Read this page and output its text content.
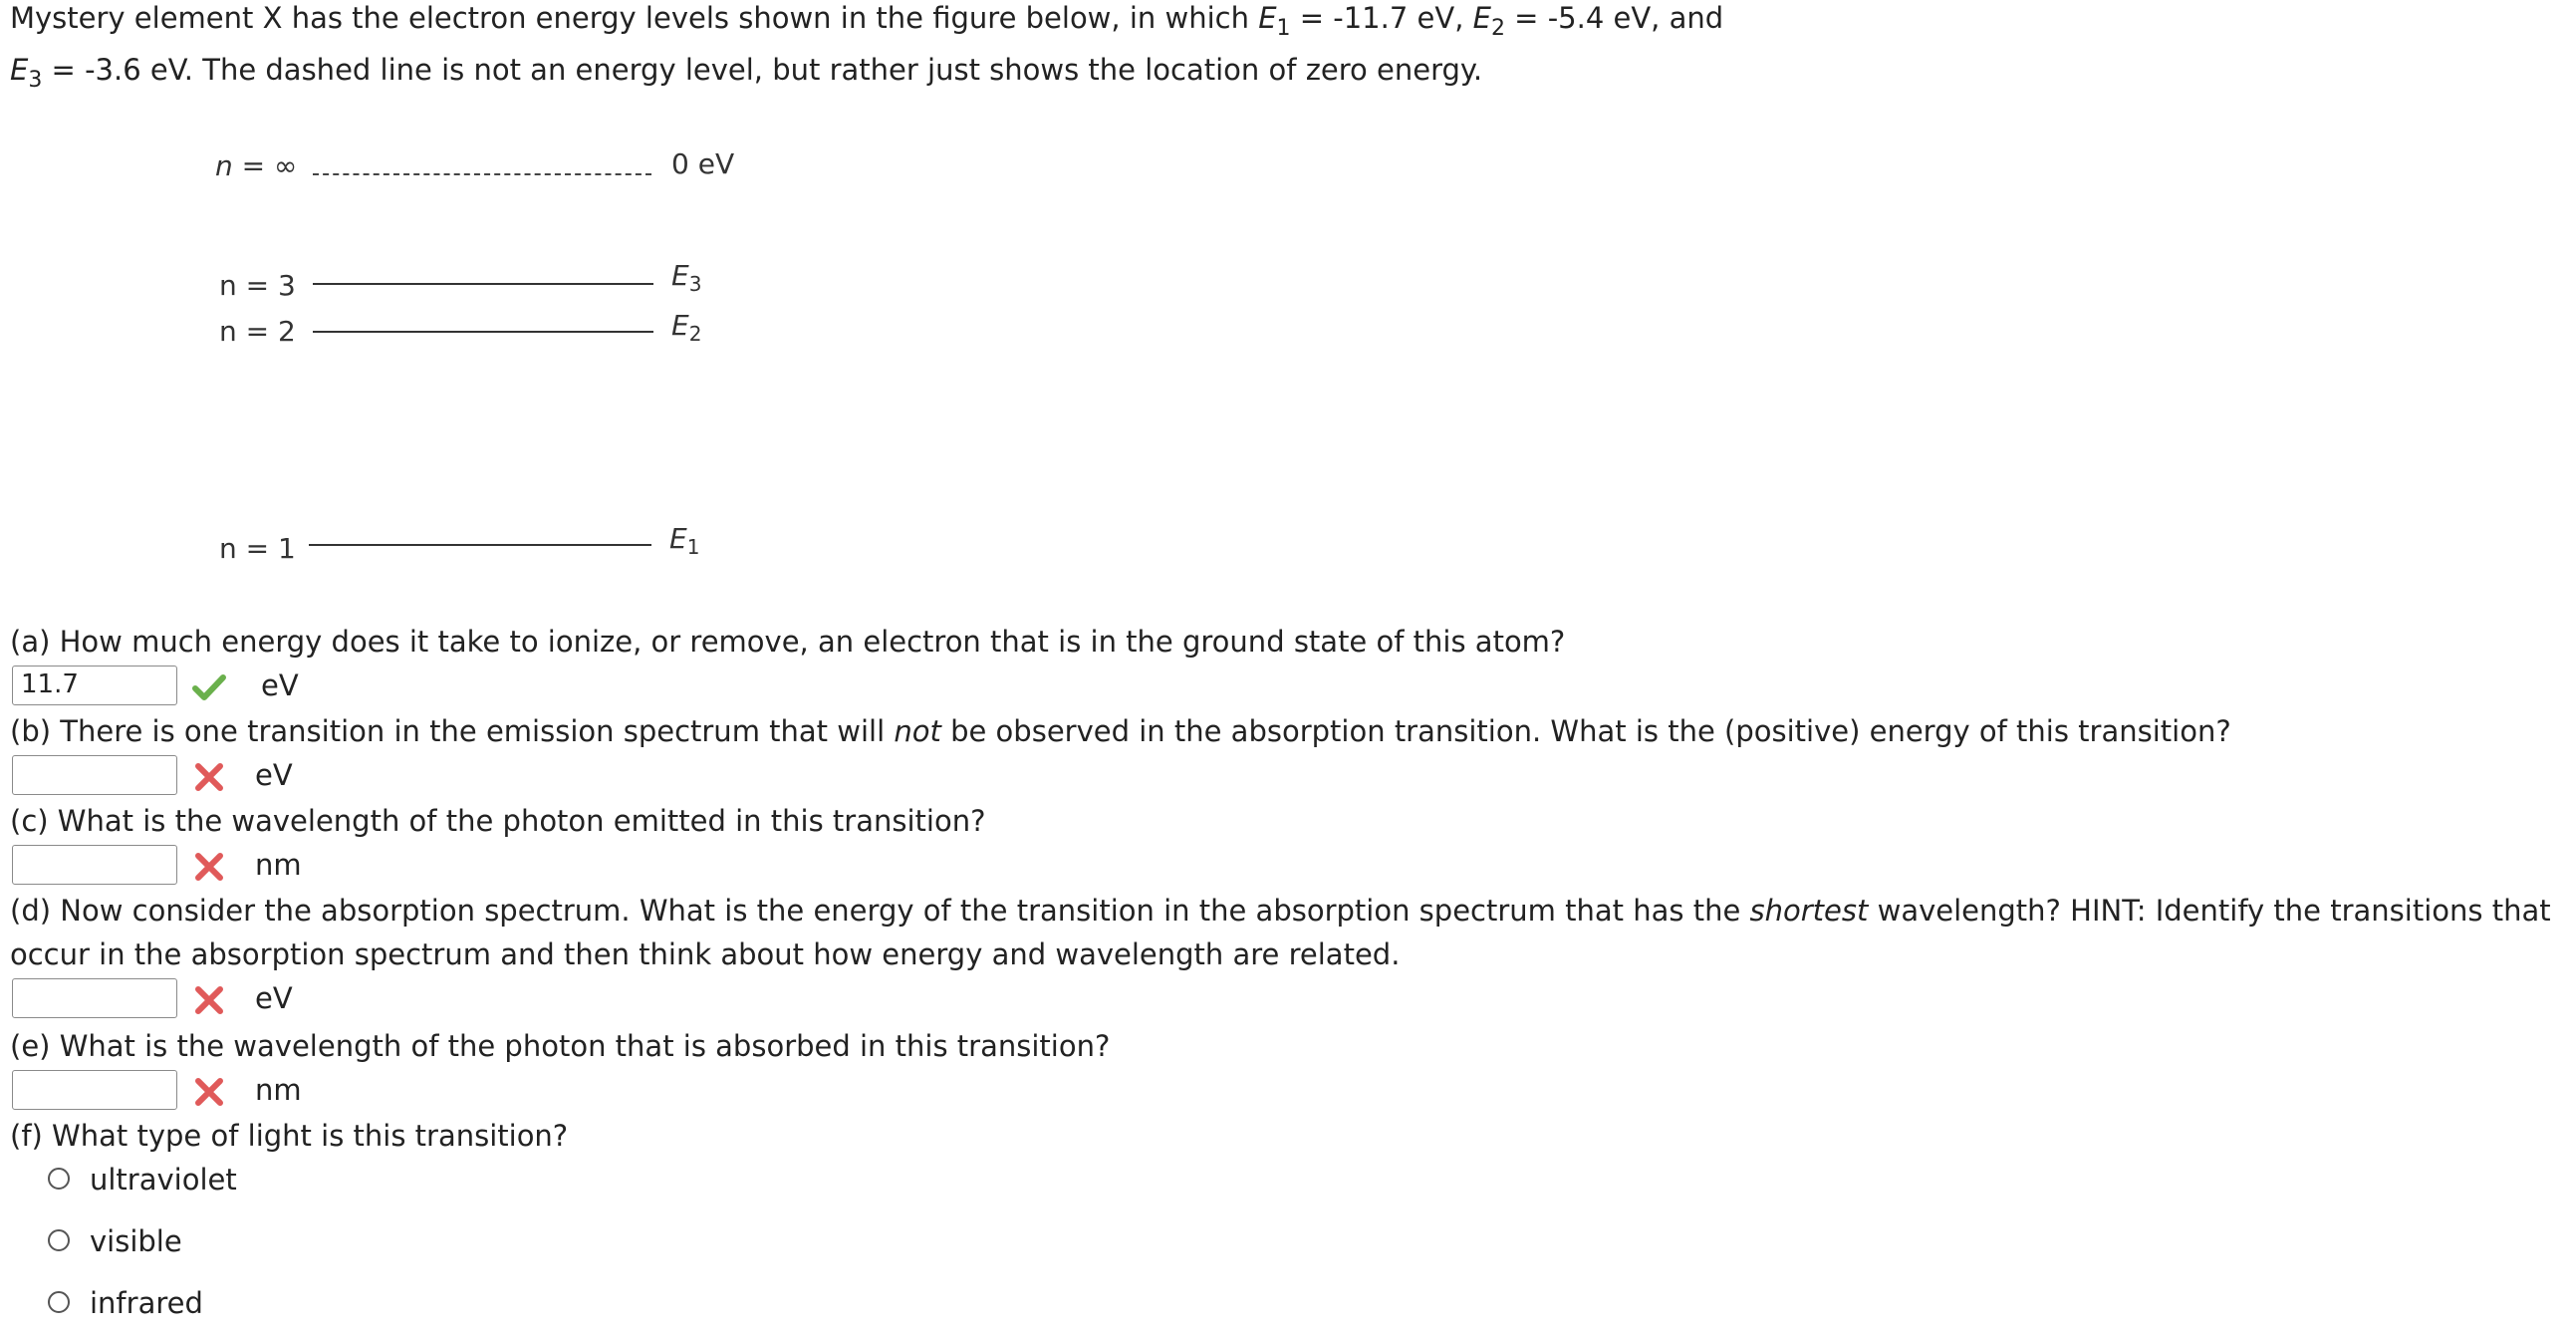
Mystery element X has the electron energy levels shown in the figure below, in which $E_1 = -11.7$ eV, $E_2 = -5.4$ eV, and
$E_3 = -3.6$ eV. The dashed line is not an energy level, but rather just shows the location of zero energy.
n = ∞	0 eV
n = 3	$E_3$
n = 2	$E_2$
n = 1	$E_1$
(a) How much energy does it take to ionize, or remove, an electron that is in the ground state of this atom?
11.7	eV
(b) There is one transition in the emission spectrum that will not be observed in the absorption transition. What is the (positive) energy of this transition?
eV
(c) What is the wavelength of the photon emitted in this transition?
nm
(d) Now consider the absorption spectrum. What is the energy of the transition in the absorption spectrum that has the shortest wavelength? HINT: Identify the transitions that
occur in the absorption spectrum and then think about how energy and wavelength are related.
eV
(e) What is the wavelength of the photon that is absorbed in this transition?
nm
(f) What type of light is this transition?
ultraviolet
visible
infrared
